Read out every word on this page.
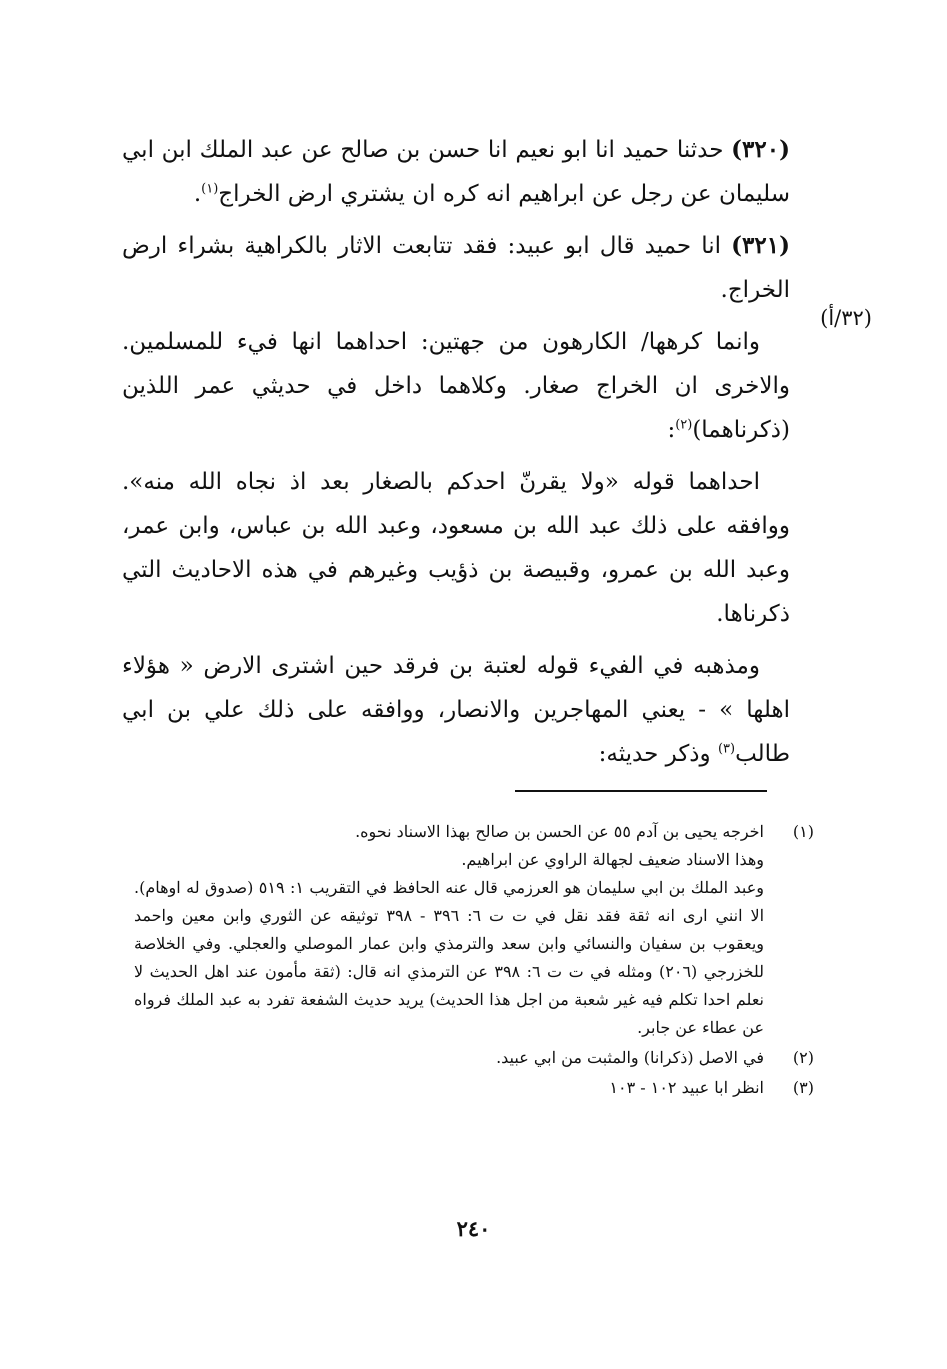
(٣٢/أ)

(٣٢٠) حدثنا حميد انا ابو نعيم انا حسن بن صالح عن عبد الملك ابن ابي سليمان عن رجل عن ابراهيم انه كره ان يشتري ارض الخراج$^{(١)}$.

(٣٢١) انا حميد قال ابو عبيد: فقد تتابعت الاثار بالكراهية بشراء ارض الخراج.

وانما كرهها/ الكارهون من جهتين: احداهما انها فيء للمسلمين. والاخرى ان الخراج صغار. وكلاهما داخل في حديثي عمر اللذين (ذكرناهما)$^{(٢)}$:

احداهما قوله «ولا يقرنّ احدكم بالصغار بعد اذ نجاه الله منه». ووافقه على ذلك عبد الله بن مسعود، وعبد الله بن عباس، وابن عمر، وعبد الله بن عمرو، وقبيصة بن ذؤيب وغيرهم في هذه الاحاديث التي ذكرناها.

ومذهبه في الفيء قوله لعتبة بن فرقد حين اشترى الارض « هؤلاء اهلها » - يعني المهاجرين والانصار، ووافقه على ذلك علي بن ابي طالب$^{(٣)}$ وذكر حديثه:

(١)
اخرجه يحيى بن آدم ٥٥ عن الحسن بن صالح بهذا الاسناد نحوه.
وهذا الاسناد ضعيف لجهالة الراوي عن ابراهيم.
وعبد الملك بن ابي سليمان هو العرزمي قال عنه الحافظ في التقريب ١: ٥١٩ (صدوق له اوهام). الا انني ارى انه ثقة فقد نقل في ت ت ٦: ٣٩٦ - ٣٩٨ توثيقه عن الثوري وابن معين واحمد ويعقوب بن سفيان والنسائي وابن سعد والترمذي وابن عمار الموصلي والعجلي. وفي الخلاصة للخزرجي (٢٠٦) ومثله في ت ت ٦: ٣٩٨ عن الترمذي انه قال: (ثقة مأمون عند اهل الحديث لا نعلم احدا تكلم فيه غير شعبة من اجل هذا الحديث) يريد حديث الشفعة تفرد به عبد الملك فرواه عن عطاء عن جابر.
(٢)
في الاصل (ذكرانا) والمثبت من ابي عبيد.
(٣)
انظر ابا عبيد ١٠٢ - ١٠٣
٢٤٠
